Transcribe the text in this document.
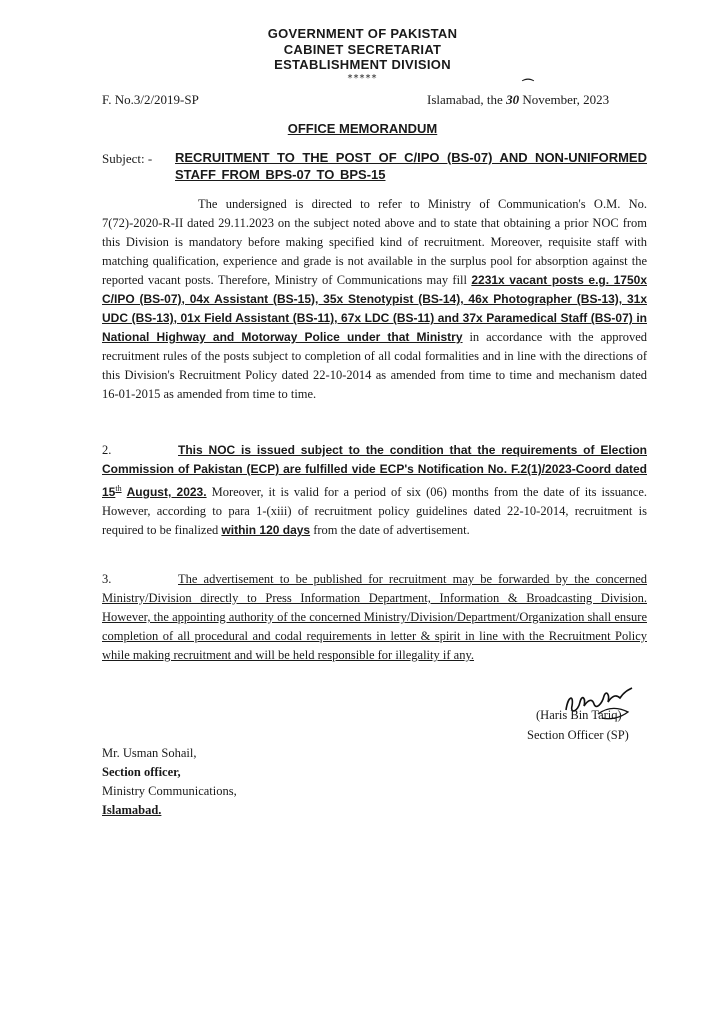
GOVERNMENT OF PAKISTAN
CABINET SECRETARIAT
ESTABLISHMENT DIVISION
*****
F. No.3/2/2019-SP
⌒
Islamabad, the 30 November, 2023
OFFICE MEMORANDUM
Subject: - RECRUITMENT TO THE POST OF C/IPO (BS-07) AND NON-UNIFORMED STAFF FROM BPS-07 TO BPS-15
The undersigned is directed to refer to Ministry of Communication's O.M. No. 7(72)-2020-R-II dated 29.11.2023 on the subject noted above and to state that obtaining a prior NOC from this Division is mandatory before making specified kind of recruitment. Moreover, requisite staff with matching qualification, experience and grade is not available in the surplus pool for absorption against the reported vacant posts. Therefore, Ministry of Communications may fill 2231x vacant posts e.g. 1750x C/IPO (BS-07), 04x Assistant (BS-15), 35x Stenotypist (BS-14), 46x Photographer (BS-13), 31x UDC (BS-13), 01x Field Assistant (BS-11), 67x LDC (BS-11) and 37x Paramedical Staff (BS-07) in National Highway and Motorway Police under that Ministry in accordance with the approved recruitment rules of the posts subject to completion of all codal formalities and in line with the directions of this Division's Recruitment Policy dated 22-10-2014 as amended from time to time and mechanism dated 16-01-2015 as amended from time to time.
2.	This NOC is issued subject to the condition that the requirements of Election Commission of Pakistan (ECP) are fulfilled vide ECP's Notification No. F.2(1)/2023-Coord dated 15th August, 2023. Moreover, it is valid for a period of six (06) months from the date of its issuance. However, according to para 1-(xiii) of recruitment policy guidelines dated 22-10-2014, recruitment is required to be finalized within 120 days from the date of advertisement.
3.	The advertisement to be published for recruitment may be forwarded by the concerned Ministry/Division directly to Press Information Department, Information & Broadcasting Division. However, the appointing authority of the concerned Ministry/Division/Department/Organization shall ensure completion of all procedural and codal requirements in letter & spirit in line with the Recruitment Policy while making recruitment and will be held responsible for illegality if any.
(Haris Bin Tariq)
Section Officer (SP)
Mr. Usman Sohail,
Section officer,
Ministry Communications,
Islamabad.
